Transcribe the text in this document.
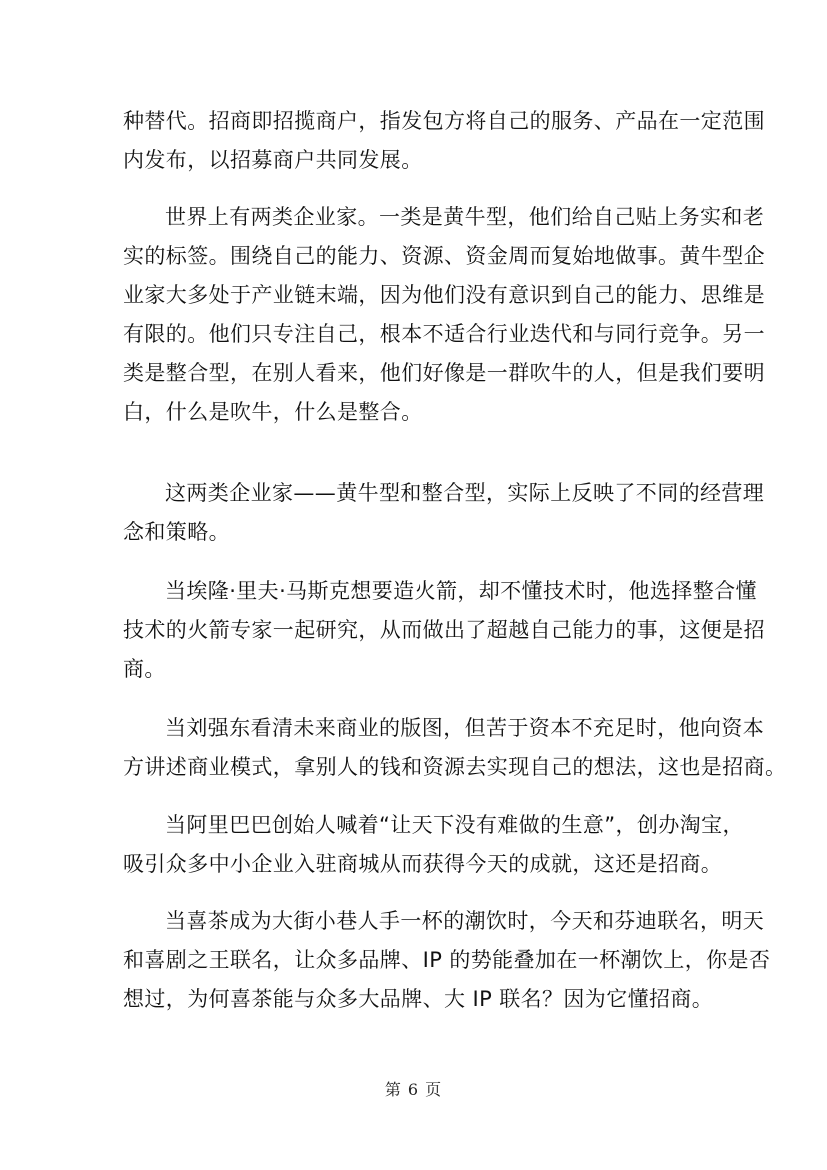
种替代。招商即招揽商户，指发包方将自己的服务、产品在一定范围
内发布，以招募商户共同发展。
世界上有两类企业家。一类是黄牛型，他们给自己贴上务实和老
实的标签。围绕自己的能力、资源、资金周而复始地做事。黄牛型企
业家大多处于产业链末端，因为他们没有意识到自己的能力、思维是
有限的。他们只专注自己，根本不适合行业迭代和与同行竞争。另一
类是整合型，在别人看来，他们好像是一群吹牛的人，但是我们要明
白，什么是吹牛，什么是整合。
这两类企业家——黄牛型和整合型，实际上反映了不同的经营理
念和策略。
当埃隆·里夫·马斯克想要造火箭，却不懂技术时，他选择整合懂
技术的火箭专家一起研究，从而做出了超越自己能力的事，这便是招
商。
当刘强东看清未来商业的版图，但苦于资本不充足时，他向资本
方讲述商业模式，拿别人的钱和资源去实现自己的想法，这也是招商。
当阿里巴巴创始人喊着“让天下没有难做的生意”，创办淘宝，
吸引众多中小企业入驻商城从而获得今天的成就，这还是招商。
当喜茶成为大街小巷人手一杯的潮饮时，今天和芬迪联名，明天
和喜剧之王联名，让众多品牌、IP 的势能叠加在一杯潮饮上，你是否
想过，为何喜茶能与众多大品牌、大 IP 联名？因为它懂招商。
第 6 页
